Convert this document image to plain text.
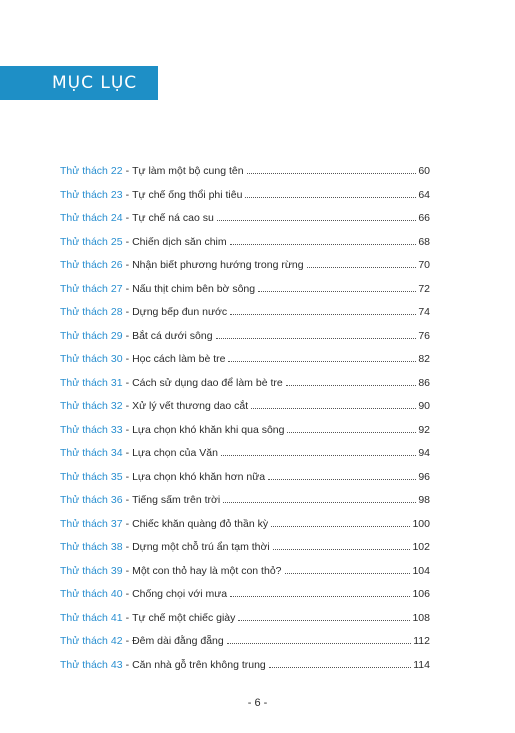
MỤC LỤC
Thử thách 22 - Tự làm một bộ cung tên	60
Thử thách 23 - Tự chế ống thổi phi tiêu	64
Thử thách 24 - Tự chế ná cao su	66
Thử thách 25 - Chiến dịch săn chim	68
Thử thách 26 - Nhận biết phương hướng trong rừng	70
Thử thách 27 - Nấu thịt chim bên bờ sông	72
Thử thách 28 - Dựng bếp đun nước	74
Thử thách 29 - Bắt cá dưới sông	76
Thử thách 30 - Học cách làm bè tre	82
Thử thách 31 - Cách sử dụng dao để làm bè tre	86
Thử thách 32 - Xử lý vết thương dao cắt	90
Thử thách 33 - Lựa chọn khó khăn khi qua sông	92
Thử thách 34 - Lựa chọn của Văn	94
Thử thách 35 - Lựa chọn khó khăn hơn nữa	96
Thử thách 36 - Tiếng sấm trên trời	98
Thử thách 37 - Chiếc khăn quàng đỏ thần kỳ	100
Thử thách 38 - Dựng một chỗ trú ẩn tạm thời	102
Thử thách 39 - Một con thỏ hay là một con thỏ?	104
Thử thách 40 - Chống chọi với mưa	106
Thử thách 41 - Tự chế một chiếc giày	108
Thử thách 42 - Đêm dài đằng đẵng	112
Thử thách 43 - Căn nhà gỗ trên không trung	114
- 6 -
